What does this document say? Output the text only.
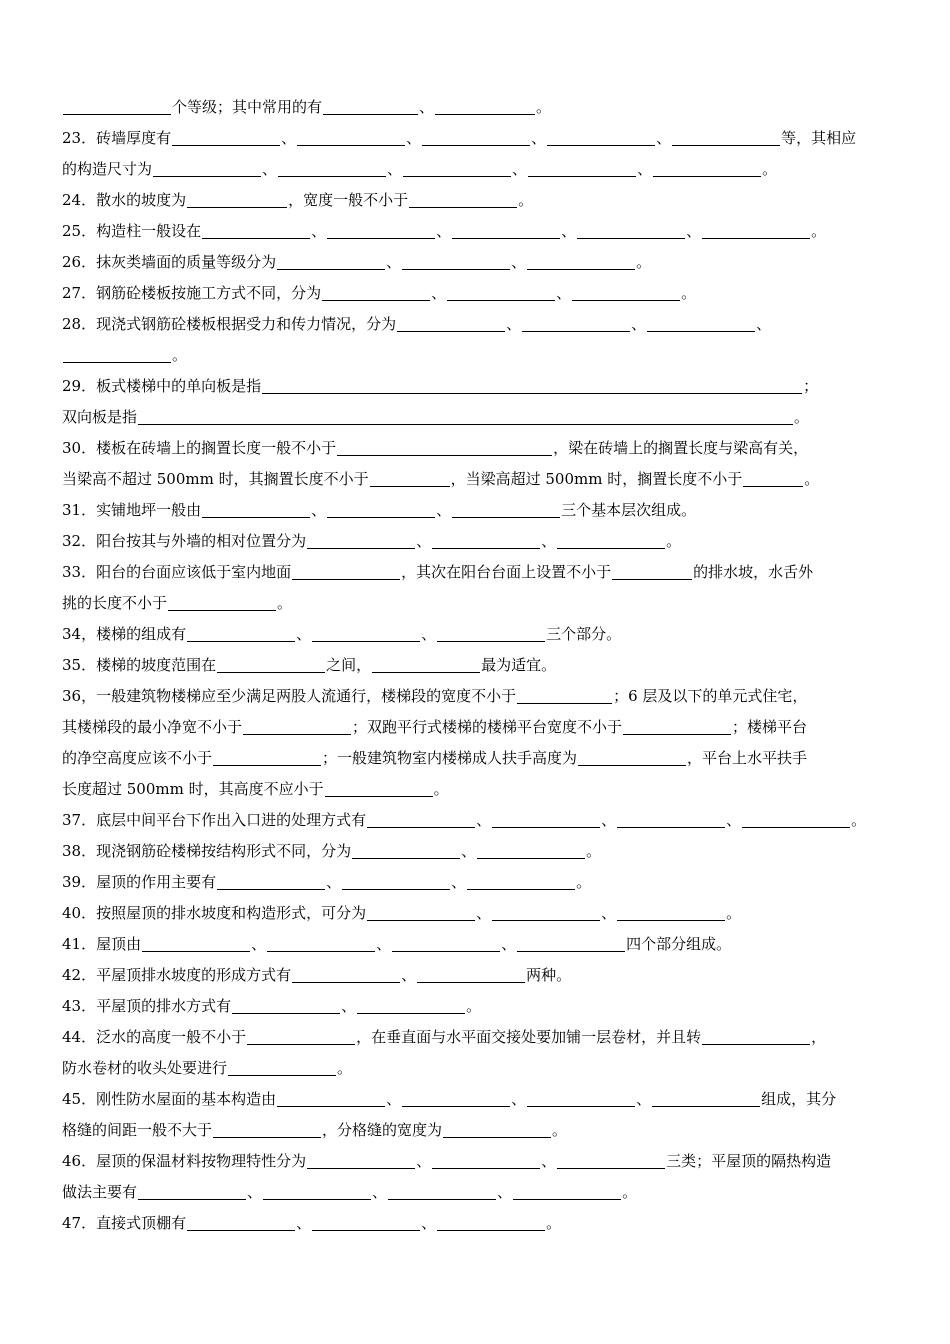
个等级；其中常用的有	、	。
23．砖墙厚度有	、	、	、	、	等，其相应
的构造尺寸为	、	、	、	、	。
24．散水的坡度为	，宽度一般不小于	。
25．构造柱一般设在	、	、	、	、	。
26．抹灰类墙面的质量等级分为	、	、	。
27．钢筋砼楼板按施工方式不同，分为	、	、	。
28．现浇式钢筋砼楼板根据受力和传力情况，分为	、	、	、
。
29．板式楼梯中的单向板是指	；
双向板是指	。
30．楼板在砖墙上的搁置长度一般不小于	，梁在砖墙上的搁置长度与梁高有关，
当梁高不超过 500mm 时，其搁置长度不小于	，当梁高超过 500mm 时，搁置长度不小于	。
31．实铺地坪一般由	、	、	三个基本层次组成。
32．阳台按其与外墙的相对位置分为	、	、	。
33．阳台的台面应该低于室内地面	，其次在阳台台面上设置不小于	的排水坡，水舌外
挑的长度不小于	。
34，楼梯的组成有	、	、	三个部分。
35．楼梯的坡度范围在	之间，	最为适宜。
36，一般建筑物楼梯应至少满足两股人流通行，楼梯段的宽度不小于	；6 层及以下的单元式住宅，
其楼梯段的最小净宽不小于	；双跑平行式楼梯的楼梯平台宽度不小于	；楼梯平台
的净空高度应该不小于	；一般建筑物室内楼梯成人扶手高度为	，平台上水平扶手
长度超过 500mm 时，其高度不应小于	。
37．底层中间平台下作出入口进的处理方式有	、	、	、	。
38．现浇钢筋砼楼梯按结构形式不同，分为	、	。
39．屋顶的作用主要有	、	、	。
40．按照屋顶的排水坡度和构造形式，可分为	、	、	。
41．屋顶由	、	、	、	四个部分组成。
42．平屋顶排水坡度的形成方式有	、	两种。
43．平屋顶的排水方式有	、	。
44．泛水的高度一般不小于	，在垂直面与水平面交接处要加铺一层卷材，并且转	，
防水卷材的收头处要进行	。
45．刚性防水屋面的基本构造由	、	、	、	组成，其分
格缝的间距一般不大于	，分格缝的宽度为	。
46．屋顶的保温材料按物理特性分为	、	、	三类；平屋顶的隔热构造
做法主要有	、	、	、	。
47．直接式顶棚有	、	、	。
